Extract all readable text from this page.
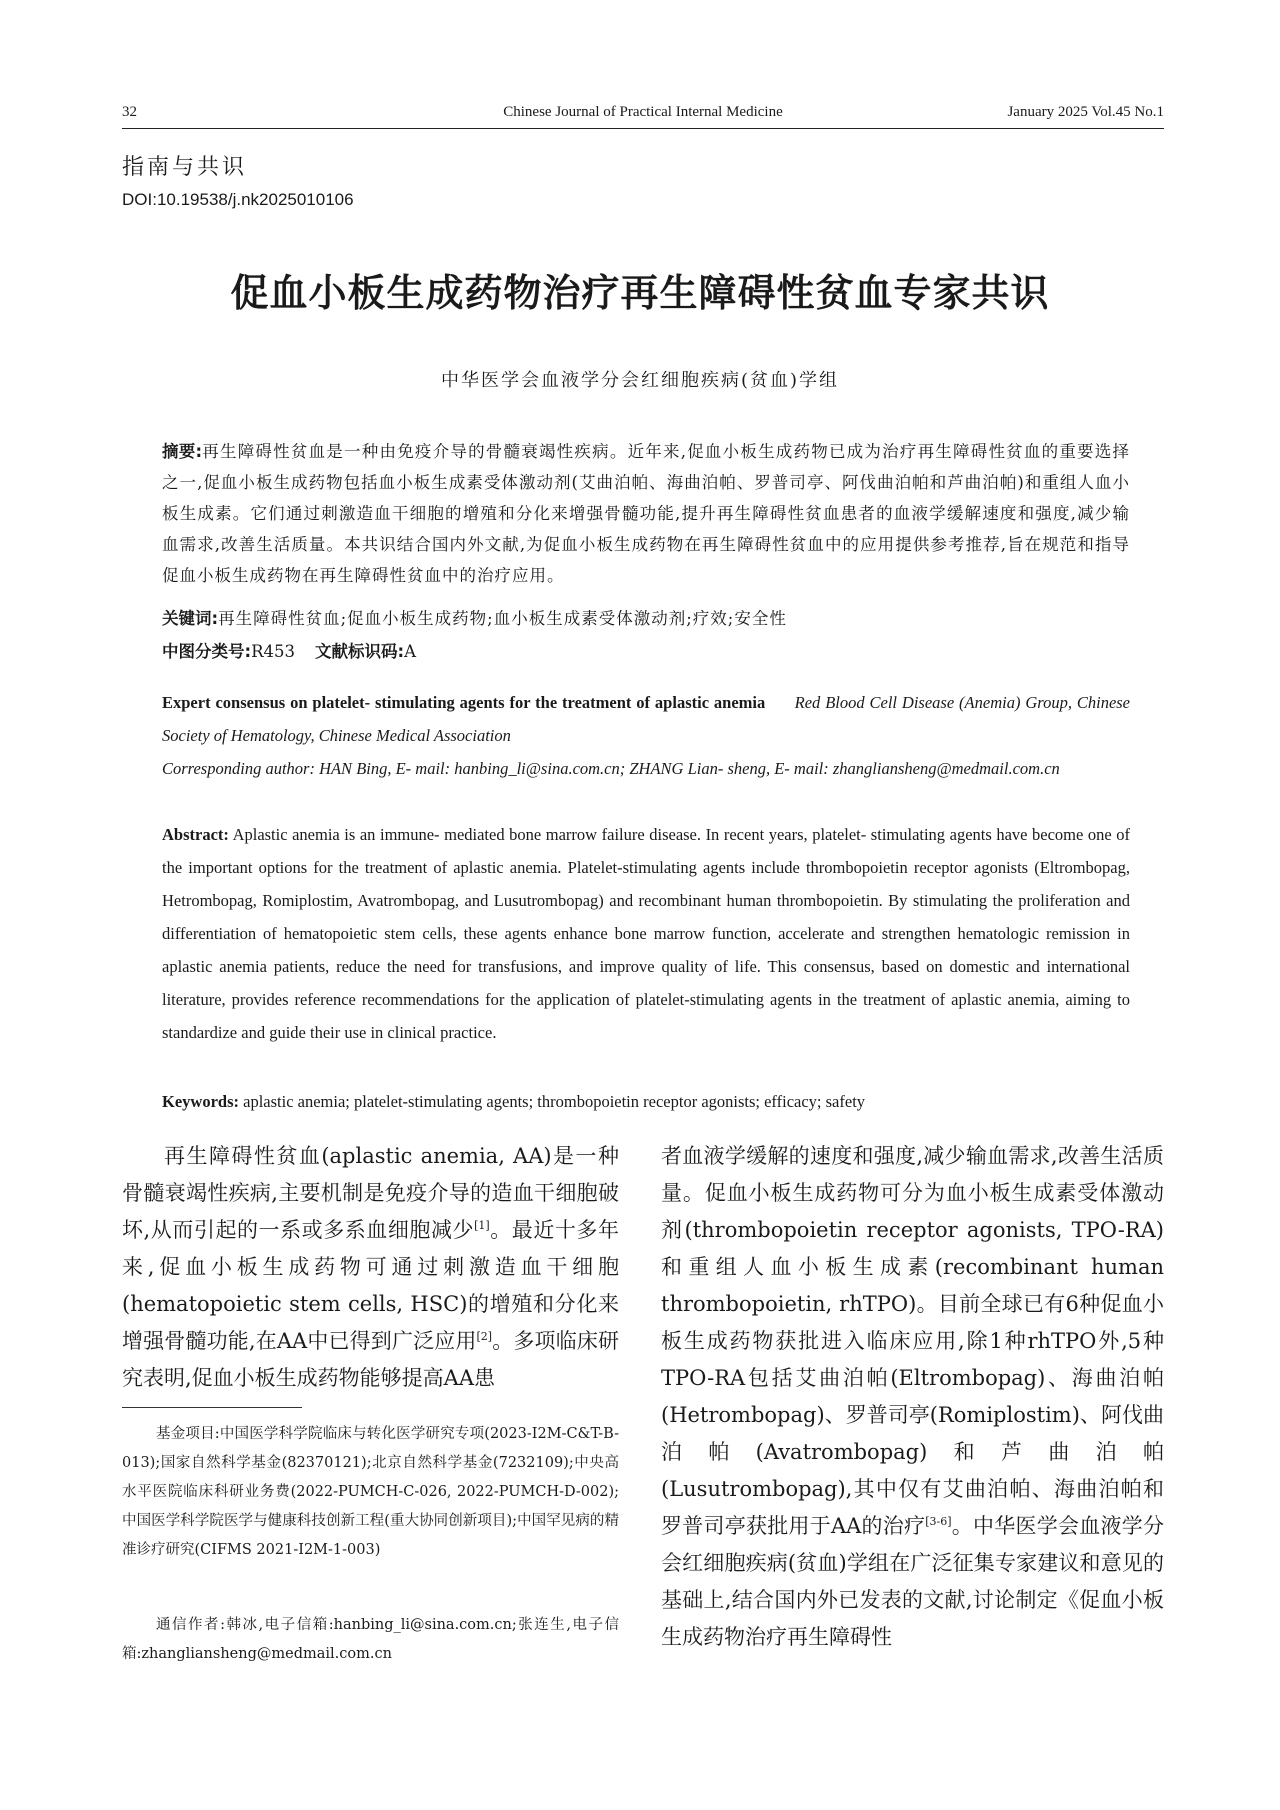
32	Chinese Journal of Practical Internal Medicine	January 2025 Vol.45 No.1
指南与共识
DOI:10.19538/j.nk2025010106
促血小板生成药物治疗再生障碍性贫血专家共识
中华医学会血液学分会红细胞疾病(贫血)学组

摘要:再生障碍性贫血是一种由免疫介导的骨髓衰竭性疾病。近年来,促血小板生成药物已成为治疗再生障碍性贫血的重要选择之一,促血小板生成药物包括血小板生成素受体激动剂(艾曲泊帕、海曲泊帕、罗普司亭、阿伐曲泊帕和芦曲泊帕)和重组人血小板生成素。它们通过刺激造血干细胞的增殖和分化来增强骨髓功能,提升再生障碍性贫血患者的血液学缓解速度和强度,减少输血需求,改善生活质量。本共识结合国内外文献,为促血小板生成药物在再生障碍性贫血中的应用提供参考推荐,旨在规范和指导促血小板生成药物在再生障碍性贫血中的治疗应用。

关键词:再生障碍性贫血;促血小板生成药物;血小板生成素受体激动剂;疗效;安全性
中图分类号:R453 文献标识码:A

Expert consensus on platelet- stimulating agents for the treatment of aplastic anemia Red Blood Cell Disease (Anemia) Group, Chinese Society of Hematology, Chinese Medical Association

Corresponding author: HAN Bing, E- mail: hanbing_li@sina.com.cn; ZHANG Lian- sheng, E- mail: zhangliansheng@medmail.com.cn

Abstract: Aplastic anemia is an immune- mediated bone marrow failure disease. In recent years, platelet- stimulating agents have become one of the important options for the treatment of aplastic anemia. Platelet-stimulating agents include thrombopoietin receptor agonists (Eltrombopag, Hetrombopag, Romiplostim, Avatrombopag, and Lusutrombopag) and recombinant human thrombopoietin. By stimulating the proliferation and differentiation of hematopoietic stem cells, these agents enhance bone marrow function, accelerate and strengthen hematologic remission in aplastic anemia patients, reduce the need for transfusions, and improve quality of life. This consensus, based on domestic and international literature, provides reference recommendations for the application of platelet-stimulating agents in the treatment of aplastic anemia, aiming to standardize and guide their use in clinical practice.

Keywords: aplastic anemia; platelet-stimulating agents; thrombopoietin receptor agonists; efficacy; safety

再生障碍性贫血(aplastic anemia, AA)是一种骨髓衰竭性疾病,主要机制是免疫介导的造血干细胞破坏,从而引起的一系或多系血细胞减少[1]。最近十多年来,促血小板生成药物可通过刺激造血干细胞(hematopoietic stem cells, HSC)的增殖和分化来增强骨髓功能,在AA中已得到广泛应用[2]。多项临床研究表明,促血小板生成药物能够提高AA患

者血液学缓解的速度和强度,减少输血需求,改善生活质量。促血小板生成药物可分为血小板生成素受体激动剂(thrombopoietin receptor agonists, TPO-RA)和重组人血小板生成素(recombinant human thrombopoietin, rhTPO)。目前全球已有6种促血小板生成药物获批进入临床应用,除1种rhTPO外,5种TPO-RA包括艾曲泊帕(Eltrombopag)、海曲泊帕(Hetrombopag)、罗普司亭(Romiplostim)、阿伐曲泊帕(Avatrombopag)和芦曲泊帕(Lusutrombopag),其中仅有艾曲泊帕、海曲泊帕和罗普司亭获批用于AA的治疗[3-6]。中华医学会血液学分会红细胞疾病(贫血)学组在广泛征集专家建议和意见的基础上,结合国内外已发表的文献,讨论制定《促血小板生成药物治疗再生障碍性

基金项目:中国医学科学院临床与转化医学研究专项(2023-I2M-C&T-B-013);国家自然科学基金(82370121);北京自然科学基金(7232109);中央高水平医院临床科研业务费(2022-PUMCH-C-026, 2022-PUMCH-D-002);中国医学科学院医学与健康科技创新工程(重大协同创新项目);中国罕见病的精准诊疗研究(CIFMS 2021-I2M-1-003)

通信作者:韩冰,电子信箱:hanbing_li@sina.com.cn;张连生,电子信箱:zhangliansheng@medmail.com.cn
